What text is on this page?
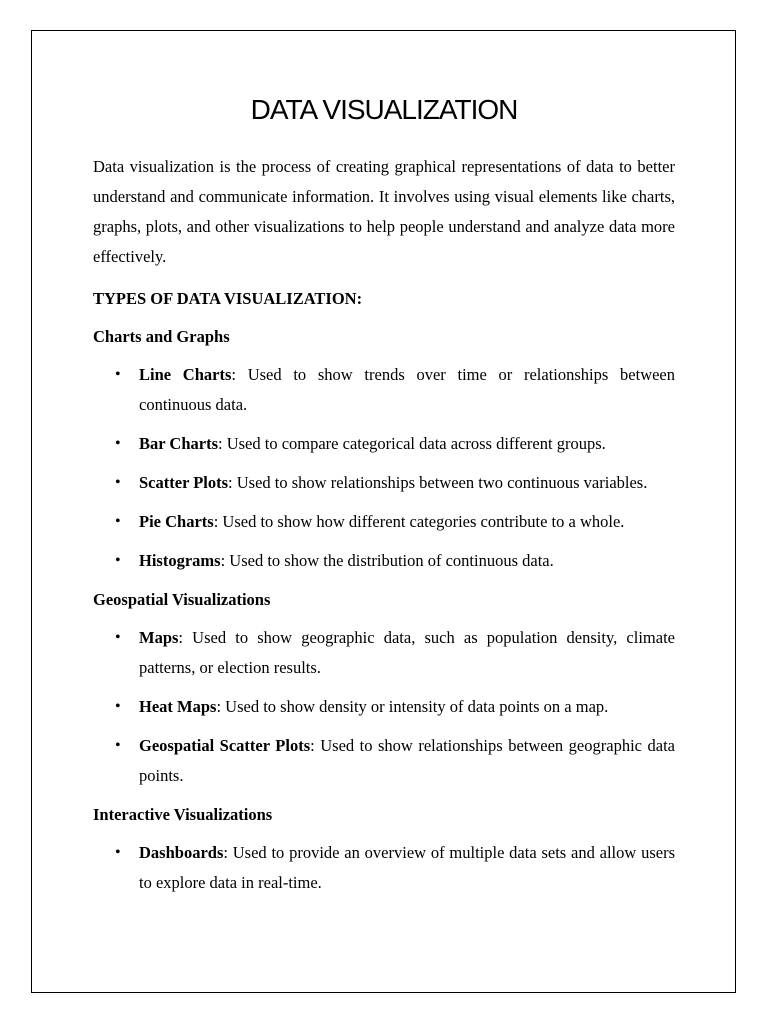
DATA VISUALIZATION

Data visualization is the process of creating graphical representations of data to better understand and communicate information. It involves using visual elements like charts, graphs, plots, and other visualizations to help people understand and analyze data more effectively.

TYPES OF DATA VISUALIZATION:

Charts and Graphs

• Line Charts: Used to show trends over time or relationships between continuous data.
• Bar Charts: Used to compare categorical data across different groups.
• Scatter Plots: Used to show relationships between two continuous variables.
• Pie Charts: Used to show how different categories contribute to a whole.
• Histograms: Used to show the distribution of continuous data.

Geospatial Visualizations

• Maps: Used to show geographic data, such as population density, climate patterns, or election results.
• Heat Maps: Used to show density or intensity of data points on a map.
• Geospatial Scatter Plots: Used to show relationships between geographic data points.

Interactive Visualizations

• Dashboards: Used to provide an overview of multiple data sets and allow users to explore data in real-time.
